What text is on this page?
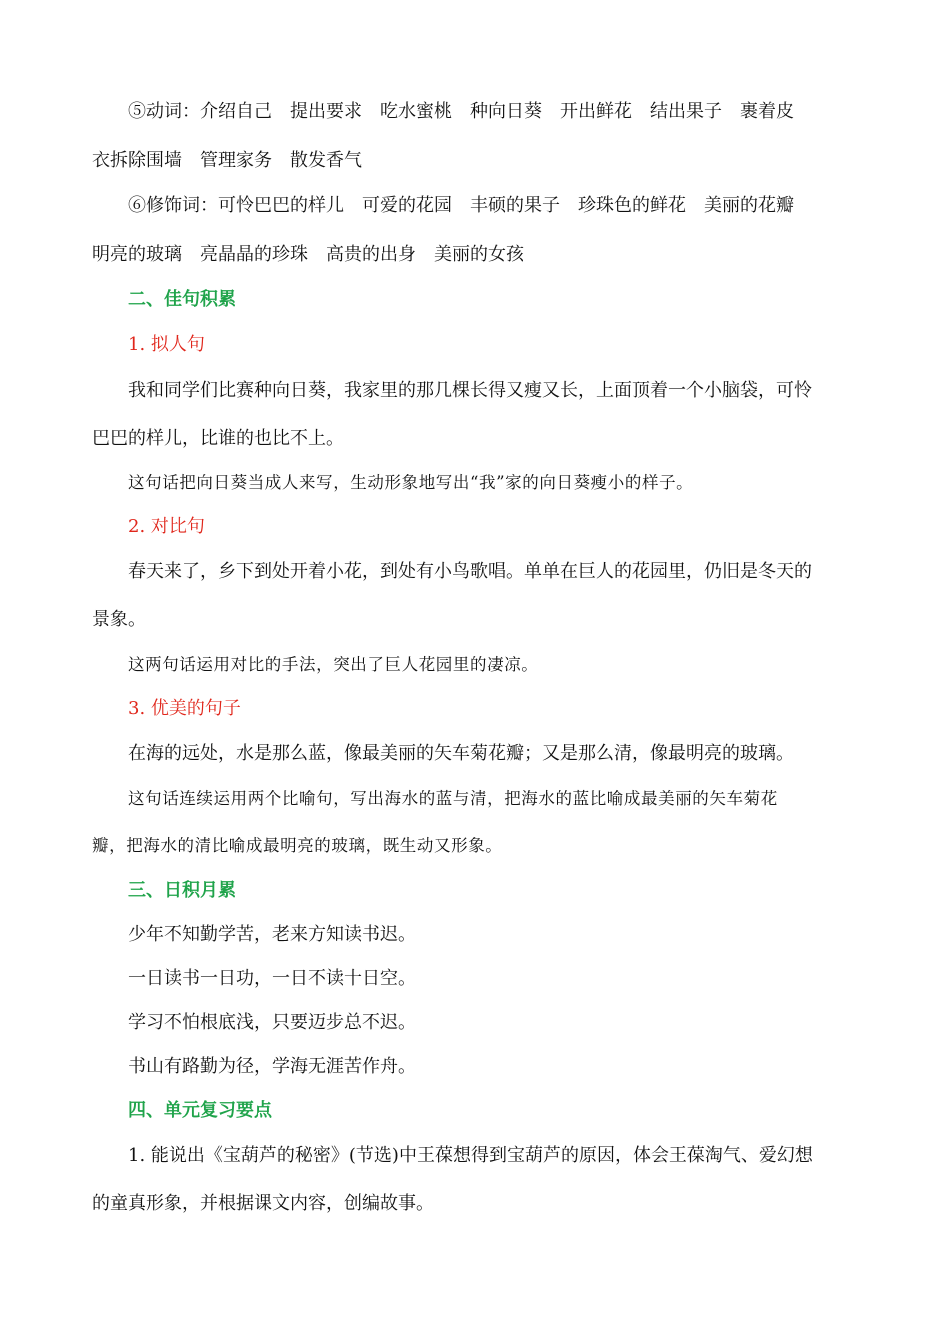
⑤动词：介绍自己　提出要求　吃水蜜桃　种向日葵　开出鲜花　结出果子　裹着皮
衣拆除围墙　管理家务　散发香气
⑥修饰词：可怜巴巴的样儿　可爱的花园　丰硕的果子　珍珠色的鲜花　美丽的花瓣
明亮的玻璃　亮晶晶的珍珠　高贵的出身　美丽的女孩
二、佳句积累
1. 拟人句
我和同学们比赛种向日葵，我家里的那几棵长得又瘦又长，上面顶着一个小脑袋，可怜
巴巴的样儿，比谁的也比不上。
这句话把向日葵当成人来写，生动形象地写出“我”家的向日葵瘦小的样子。
2. 对比句
春天来了，乡下到处开着小花，到处有小鸟歌唱。单单在巨人的花园里，仍旧是冬天的
景象。
这两句话运用对比的手法，突出了巨人花园里的凄凉。
3. 优美的句子
在海的远处，水是那么蓝，像最美丽的矢车菊花瓣；又是那么清，像最明亮的玻璃。
这句话连续运用两个比喻句，写出海水的蓝与清，把海水的蓝比喻成最美丽的矢车菊花
瓣，把海水的清比喻成最明亮的玻璃，既生动又形象。
三、日积月累
少年不知勤学苦，老来方知读书迟。
一日读书一日功，一日不读十日空。
学习不怕根底浅，只要迈步总不迟。
书山有路勤为径，学海无涯苦作舟。
四、单元复习要点
1. 能说出《宝葫芦的秘密》(节选)中王葆想得到宝葫芦的原因，体会王葆淘气、爱幻想
的童真形象，并根据课文内容，创编故事。
